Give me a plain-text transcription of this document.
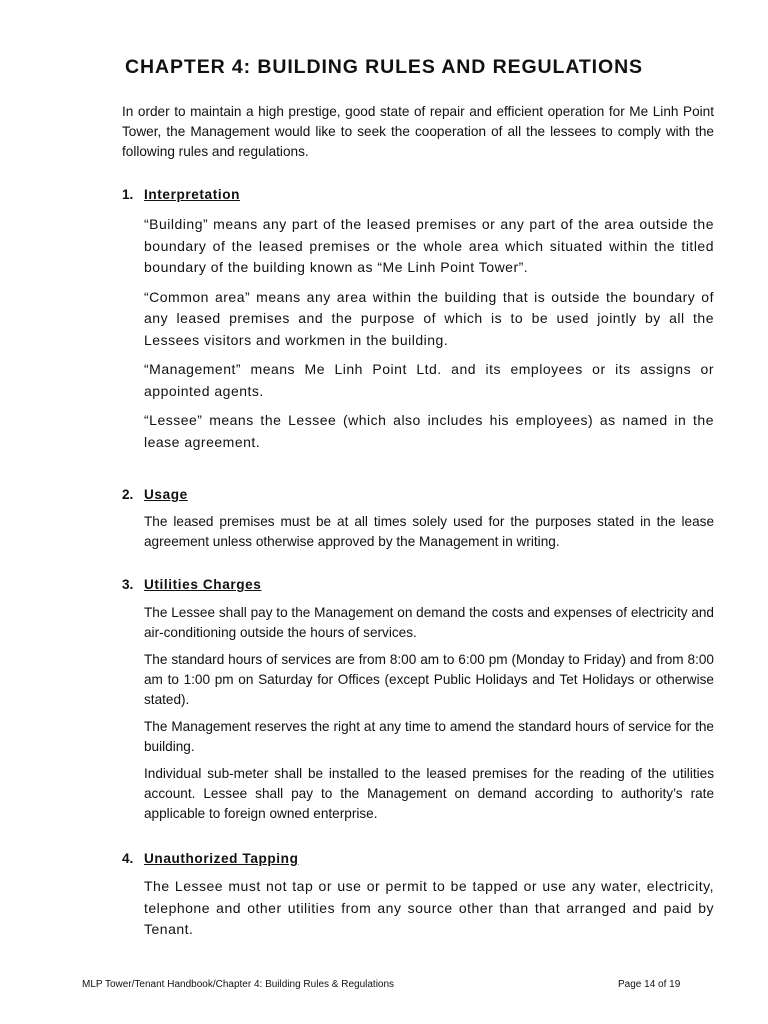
CHAPTER 4: BUILDING RULES AND REGULATIONS

In order to maintain a high prestige, good state of repair and efficient operation for Me Linh Point Tower, the Management would like to seek the cooperation of all the lessees to comply with the following rules and regulations.

1. Interpretation

“Building” means any part of the leased premises or any part of the area outside the boundary of the leased premises or the whole area which situated within the titled boundary of the building known as “Me Linh Point Tower”.

“Common area” means any area within the building that is outside the boundary of any leased premises and the purpose of which is to be used jointly by all the Lessees visitors and workmen in the building.

“Management” means Me Linh Point Ltd. and its employees or its assigns or appointed agents.

“Lessee” means the Lessee (which also includes his employees) as named in the lease agreement.

2. Usage

The leased premises must be at all times solely used for the purposes stated in the lease agreement unless otherwise approved by the Management in writing.

3. Utilities Charges

The Lessee shall pay to the Management on demand the costs and expenses of electricity and air-conditioning outside the hours of services.

The standard hours of services are from 8:00 am to 6:00 pm (Monday to Friday) and from 8:00 am to 1:00 pm on Saturday for Offices (except Public Holidays and Tet Holidays or otherwise stated).

The Management reserves the right at any time to amend the standard hours of service for the building.

Individual sub-meter shall be installed to the leased premises for the reading of the utilities account. Lessee shall pay to the Management on demand according to authority’s rate applicable to foreign owned enterprise.

4. Unauthorized Tapping

The Lessee must not tap or use or permit to be tapped or use any water, electricity, telephone and other utilities from any source other than that arranged and paid by Tenant.

MLP Tower/Tenant Handbook/Chapter 4: Building Rules & Regulations	Page 14 of 19
